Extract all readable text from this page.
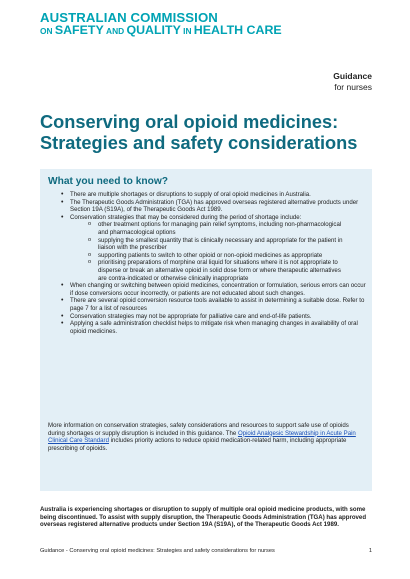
AUSTRALIAN COMMISSION
ON SAFETY AND QUALITY IN HEALTH CARE
Guidance
for nurses
Conserving oral opioid medicines:
Strategies and safety considerations
What you need to know?
• There are multiple shortages or disruptions to supply of oral opioid medicines in Australia.
• The Therapeutic Goods Administration (TGA) has approved overseas registered alternative products under Section 19A (S19A), of the Therapeutic Goods Act 1989.
• Conservation strategies that may be considered during the period of shortage include:
o other treatment options for managing pain relief symptoms, including non-pharmacological and pharmacological options
o supplying the smallest quantity that is clinically necessary and appropriate for the patient in liaison with the prescriber
o supporting patients to switch to other opioid or non-opioid medicines as appropriate
o prioritising preparations of morphine oral liquid for situations where it is not appropriate to disperse or break an alternative opioid in solid dose form or where therapeutic alternatives are contra-indicated or otherwise clinically inappropriate
• When changing or switching between opioid medicines, concentration or formulation, serious errors can occur if dose conversions occur incorrectly, or patients are not educated about such changes.
• There are several opioid conversion resource tools available to assist in determining a suitable dose. Refer to page 7 for a list of resources
• Conservation strategies may not be appropriate for palliative care and end-of-life patients.
• Applying a safe administration checklist helps to mitigate risk when managing changes in availability of oral opioid medicines.
More information on conservation strategies, safety considerations and resources to support safe use of opioids during shortages or supply disruption is included in this guidance. The Opioid Analgesic Stewardship in Acute Pain Clinical Care Standard includes priority actions to reduce opioid medication-related harm, including appropriate prescribing of opioids.
Australia is experiencing shortages or disruption to supply of multiple oral opioid medicine products, with some being discontinued. To assist with supply disruption, the Therapeutic Goods Administration (TGA) has approved overseas registered alternative products under Section 19A (S19A), of the Therapeutic Goods Act 1989.
Guidance - Conserving oral opioid medicines: Strategies and safety considerations for nurses	1
